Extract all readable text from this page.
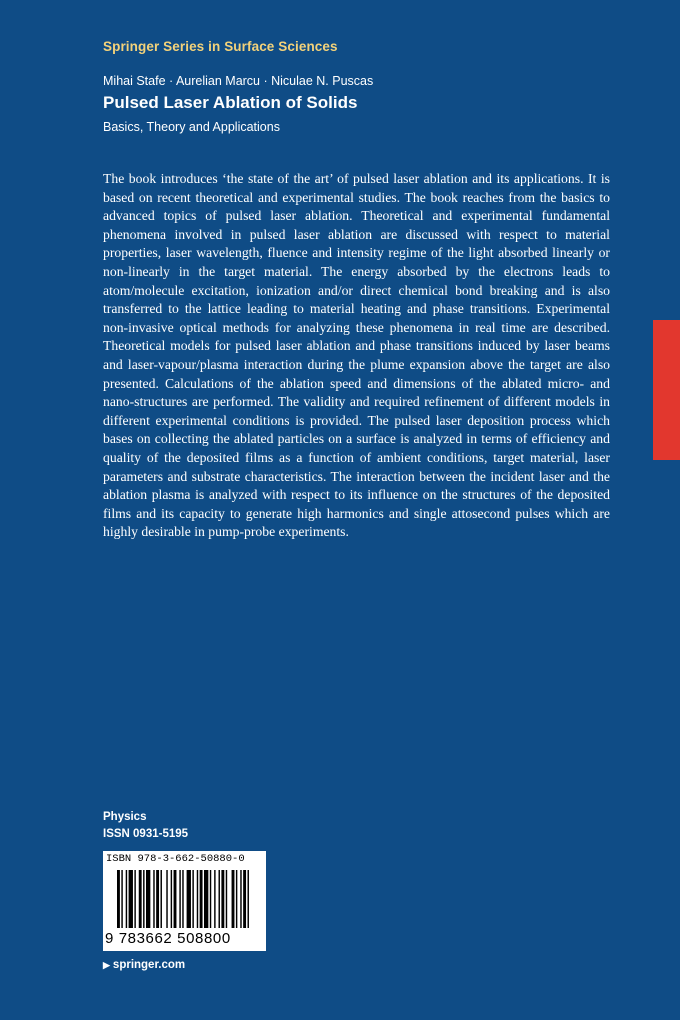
Springer Series in Surface Sciences
Mihai Stafe · Aurelian Marcu · Niculae N. Puscas
Pulsed Laser Ablation of Solids
Basics, Theory and Applications

The book introduces ‘the state of the art’ of pulsed laser ablation and its applications. It is based on recent theoretical and experimental studies. The book reaches from the basics to advanced topics of pulsed laser ablation. Theoretical and experimental fundamental phenomena involved in pulsed laser ablation are discussed with respect to material properties, laser wavelength, fluence and intensity regime of the light absorbed linearly or non-linearly in the target material. The energy absorbed by the electrons leads to atom/molecule excitation, ionization and/or direct chemical bond breaking and is also transferred to the lattice leading to material heating and phase transitions. Experimental non-invasive optical methods for analyzing these phenomena in real time are described. Theoretical models for pulsed laser ablation and phase transitions induced by laser beams and laser-vapour/plasma interaction during the plume expansion above the target are also presented. Calculations of the ablation speed and dimensions of the ablated micro- and nano-structures are performed. The validity and required refinement of different models in different experimental conditions is provided. The pulsed laser deposition process which bases on collecting the ablated particles on a surface is analyzed in terms of efficiency and quality of the deposited films as a function of ambient conditions, target material, laser parameters and substrate characteristics. The interaction between the incident laser and the ablation plasma is analyzed with respect to its influence on the structures of the deposited films and its capacity to generate high harmonics and single attosecond pulses which are highly desirable in pump-probe experiments.

Physics
ISSN 0931-5195
ISBN 978-3-662-50880-0
9 783662 508800
▶ springer.com
